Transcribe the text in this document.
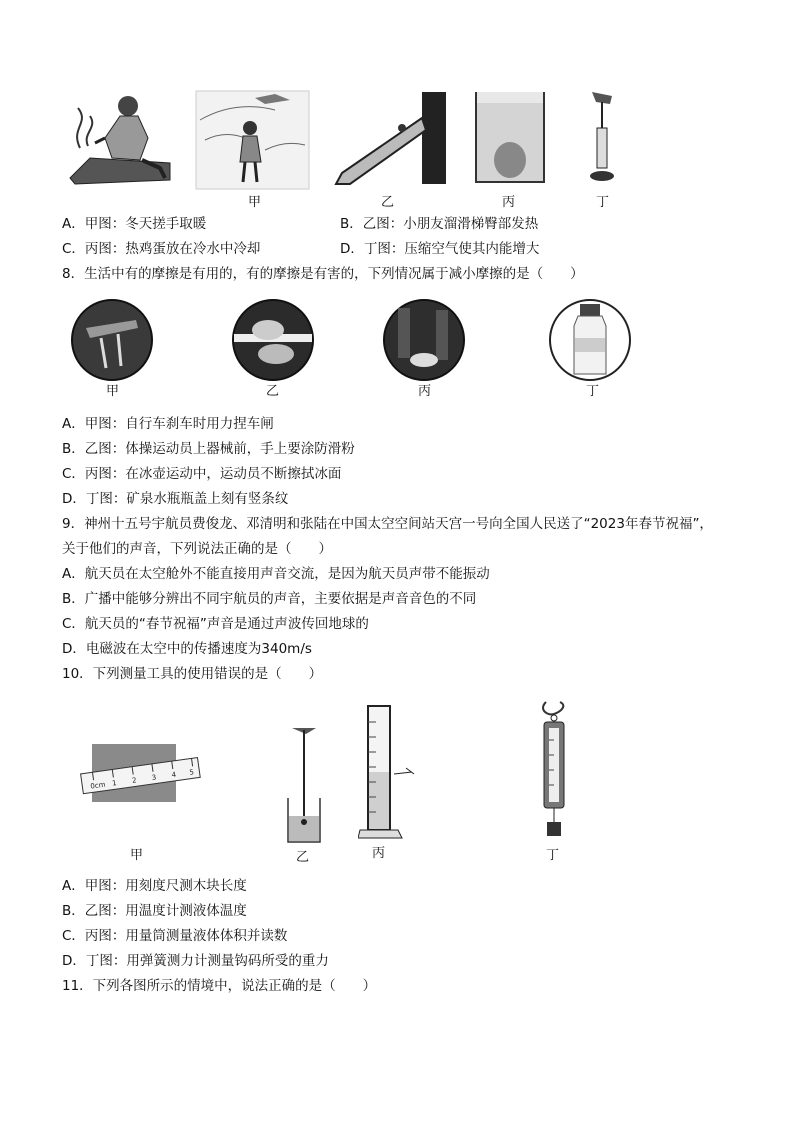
甲	乙	丙	丁
A．甲图：冬天搓手取暖	B．乙图：小朋友溜滑梯臀部发热
C．丙图：热鸡蛋放在冷水中冷却	D．丁图：压缩空气使其内能增大
8．生活中有的摩擦是有用的，有的摩擦是有害的，下列情况属于减小摩擦的是（　　）
甲	乙	丙	丁
A．甲图：自行车刹车时用力捏车闸
B．乙图：体操运动员上器械前，手上要涂防滑粉
C．丙图：在冰壶运动中，运动员不断擦拭冰面
D．丁图：矿泉水瓶瓶盖上刻有竖条纹
9．神州十五号宇航员费俊龙、邓清明和张陆在中国太空空间站天宫一号向全国人民送了“2023年春节祝福”，
关于他们的声音，下列说法正确的是（　　）
A．航天员在太空舱外不能直接用声音交流，是因为航天员声带不能振动
B．广播中能够分辨出不同宇航员的声音，主要依据是声音音色的不同
C．航天员的“春节祝福”声音是通过声波传回地球的
D．电磁波在太空中的传播速度为340m/s
10．下列测量工具的使用错误的是（　　）
0cm 1 2 3 4 5
甲	乙	丙	丁
A．甲图：用刻度尺测木块长度
B．乙图：用温度计测液体温度
C．丙图：用量筒测量液体体积并读数
D．丁图：用弹簧测力计测量钩码所受的重力
11．下列各图所示的情境中，说法正确的是（　　）
